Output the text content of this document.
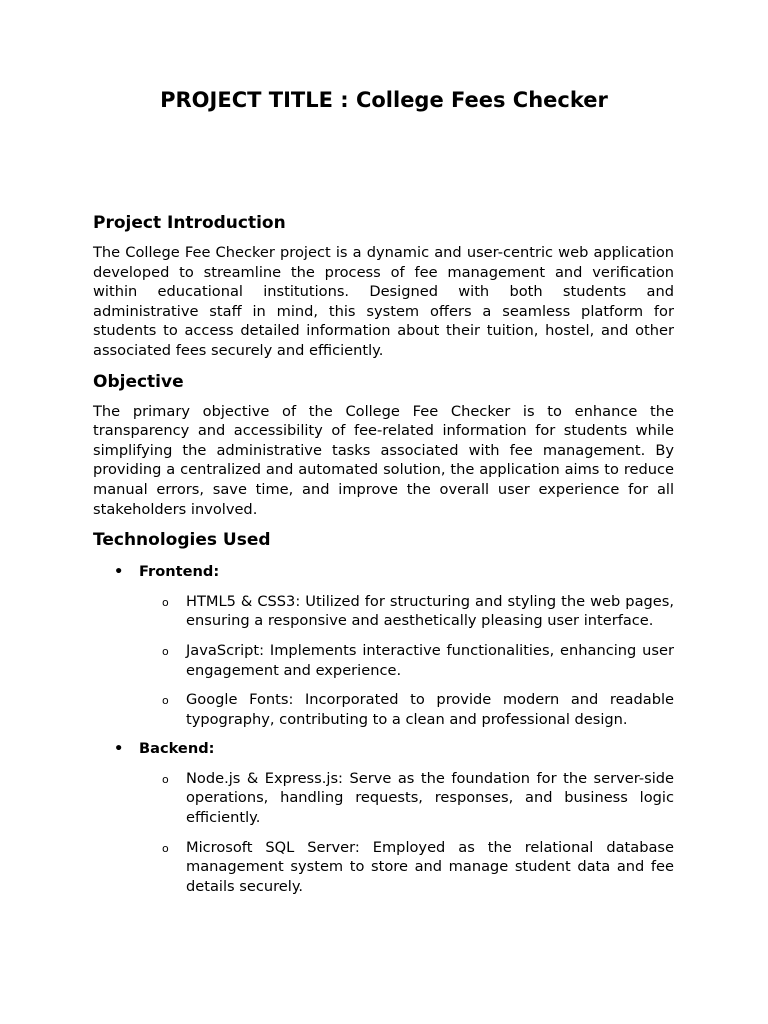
PROJECT TITLE : College Fees Checker
Project Introduction

The College Fee Checker project is a dynamic and user-centric web application developed to streamline the process of fee management and verification within educational institutions. Designed with both students and administrative staff in mind, this system offers a seamless platform for students to access detailed information about their tuition, hostel, and other associated fees securely and efficiently.

Objective

The primary objective of the College Fee Checker is to enhance the transparency and accessibility of fee-related information for students while simplifying the administrative tasks associated with fee management. By providing a centralized and automated solution, the application aims to reduce manual errors, save time, and improve the overall user experience for all stakeholders involved.

Technologies Used
• Frontend:
o HTML5 & CSS3: Utilized for structuring and styling the web pages, ensuring a responsive and aesthetically pleasing user interface.
o JavaScript: Implements interactive functionalities, enhancing user engagement and experience.
o Google Fonts: Incorporated to provide modern and readable typography, contributing to a clean and professional design.
• Backend:
o Node.js & Express.js: Serve as the foundation for the server-side operations, handling requests, responses, and business logic efficiently.
o Microsoft SQL Server: Employed as the relational database management system to store and manage student data and fee details securely.
